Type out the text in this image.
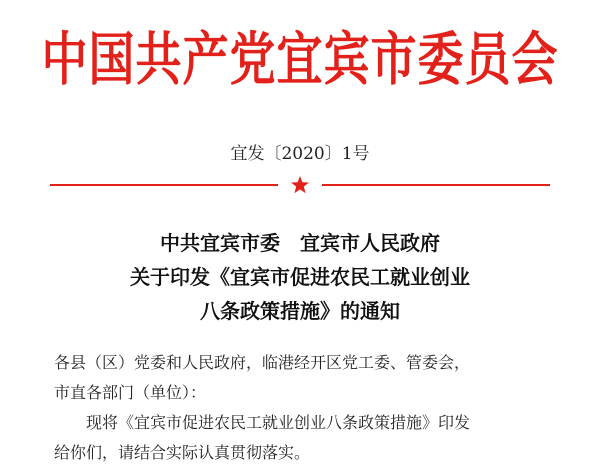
中国共产党宜宾市委员会
宜发〔2020〕1号
中共宜宾市委　宜宾市人民政府
关于印发《宜宾市促进农民工就业创业
八条政策措施》的通知
各县（区）党委和人民政府，临港经开区党工委、管委会，
市直各部门（单位）：
现将《宜宾市促进农民工就业创业八条政策措施》印发
给你们，请结合实际认真贯彻落实。
